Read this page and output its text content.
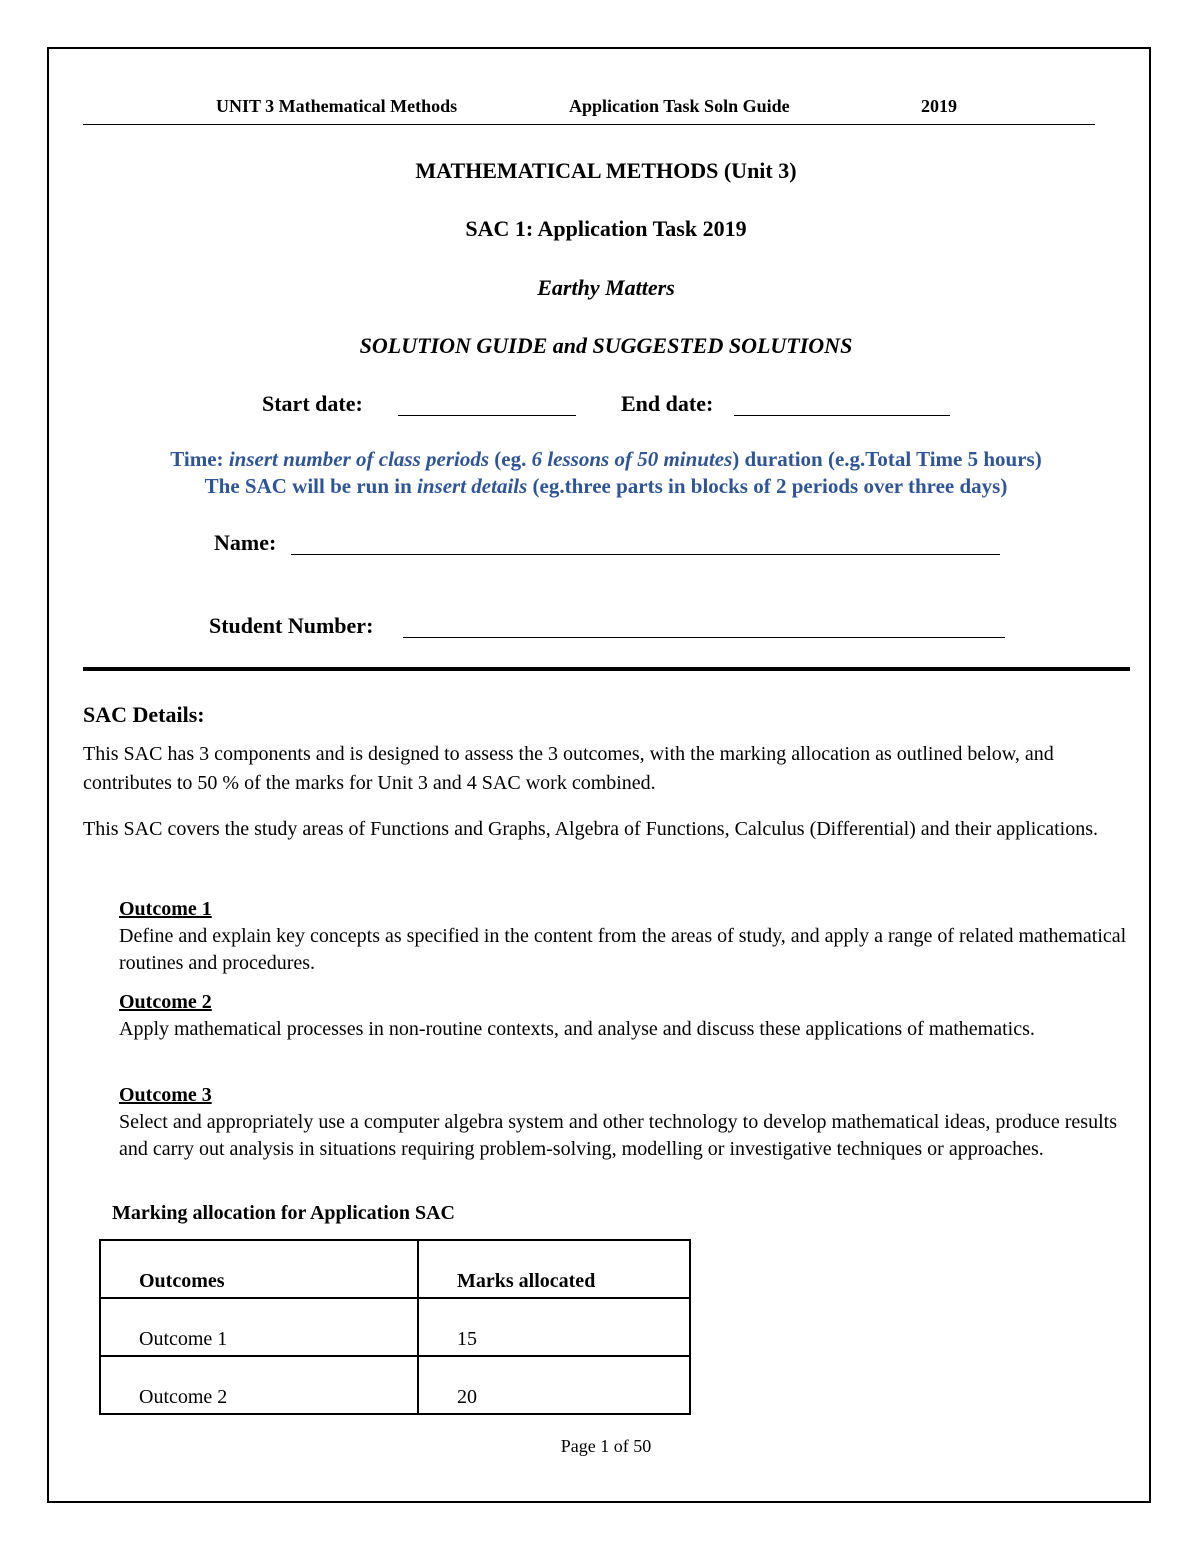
UNIT 3 Mathematical Methods	Application Task Soln Guide	2019
MATHEMATICAL METHODS (Unit 3)
SAC 1: Application Task 2019
Earthy Matters
SOLUTION GUIDE and SUGGESTED SOLUTIONS
Start date:	End date:
Time: insert number of class periods (eg. 6 lessons of 50 minutes) duration (e.g.Total Time 5 hours)
The SAC will be run in insert details (eg.three parts in blocks of 2 periods over three days)
Name:
Student Number:
SAC Details:
This SAC has 3 components and is designed to assess the 3 outcomes, with the marking allocation as outlined below, and contributes to 50 % of the marks for Unit 3 and 4 SAC work combined.
This SAC covers the study areas of Functions and Graphs, Algebra of Functions, Calculus (Differential) and their applications.
Outcome 1
Define and explain key concepts as specified in the content from the areas of study, and apply a range of related mathematical routines and procedures.
Outcome 2
Apply mathematical processes in non-routine contexts, and analyse and discuss these applications of mathematics.
Outcome 3
Select and appropriately use a computer algebra system and other technology to develop mathematical ideas, produce results and carry out analysis in situations requiring problem-solving, modelling or investigative techniques or approaches.
Marking allocation for Application SAC
Outcomes	Marks allocated
Outcome 1	15
Outcome 2	20
Page 1 of 50
